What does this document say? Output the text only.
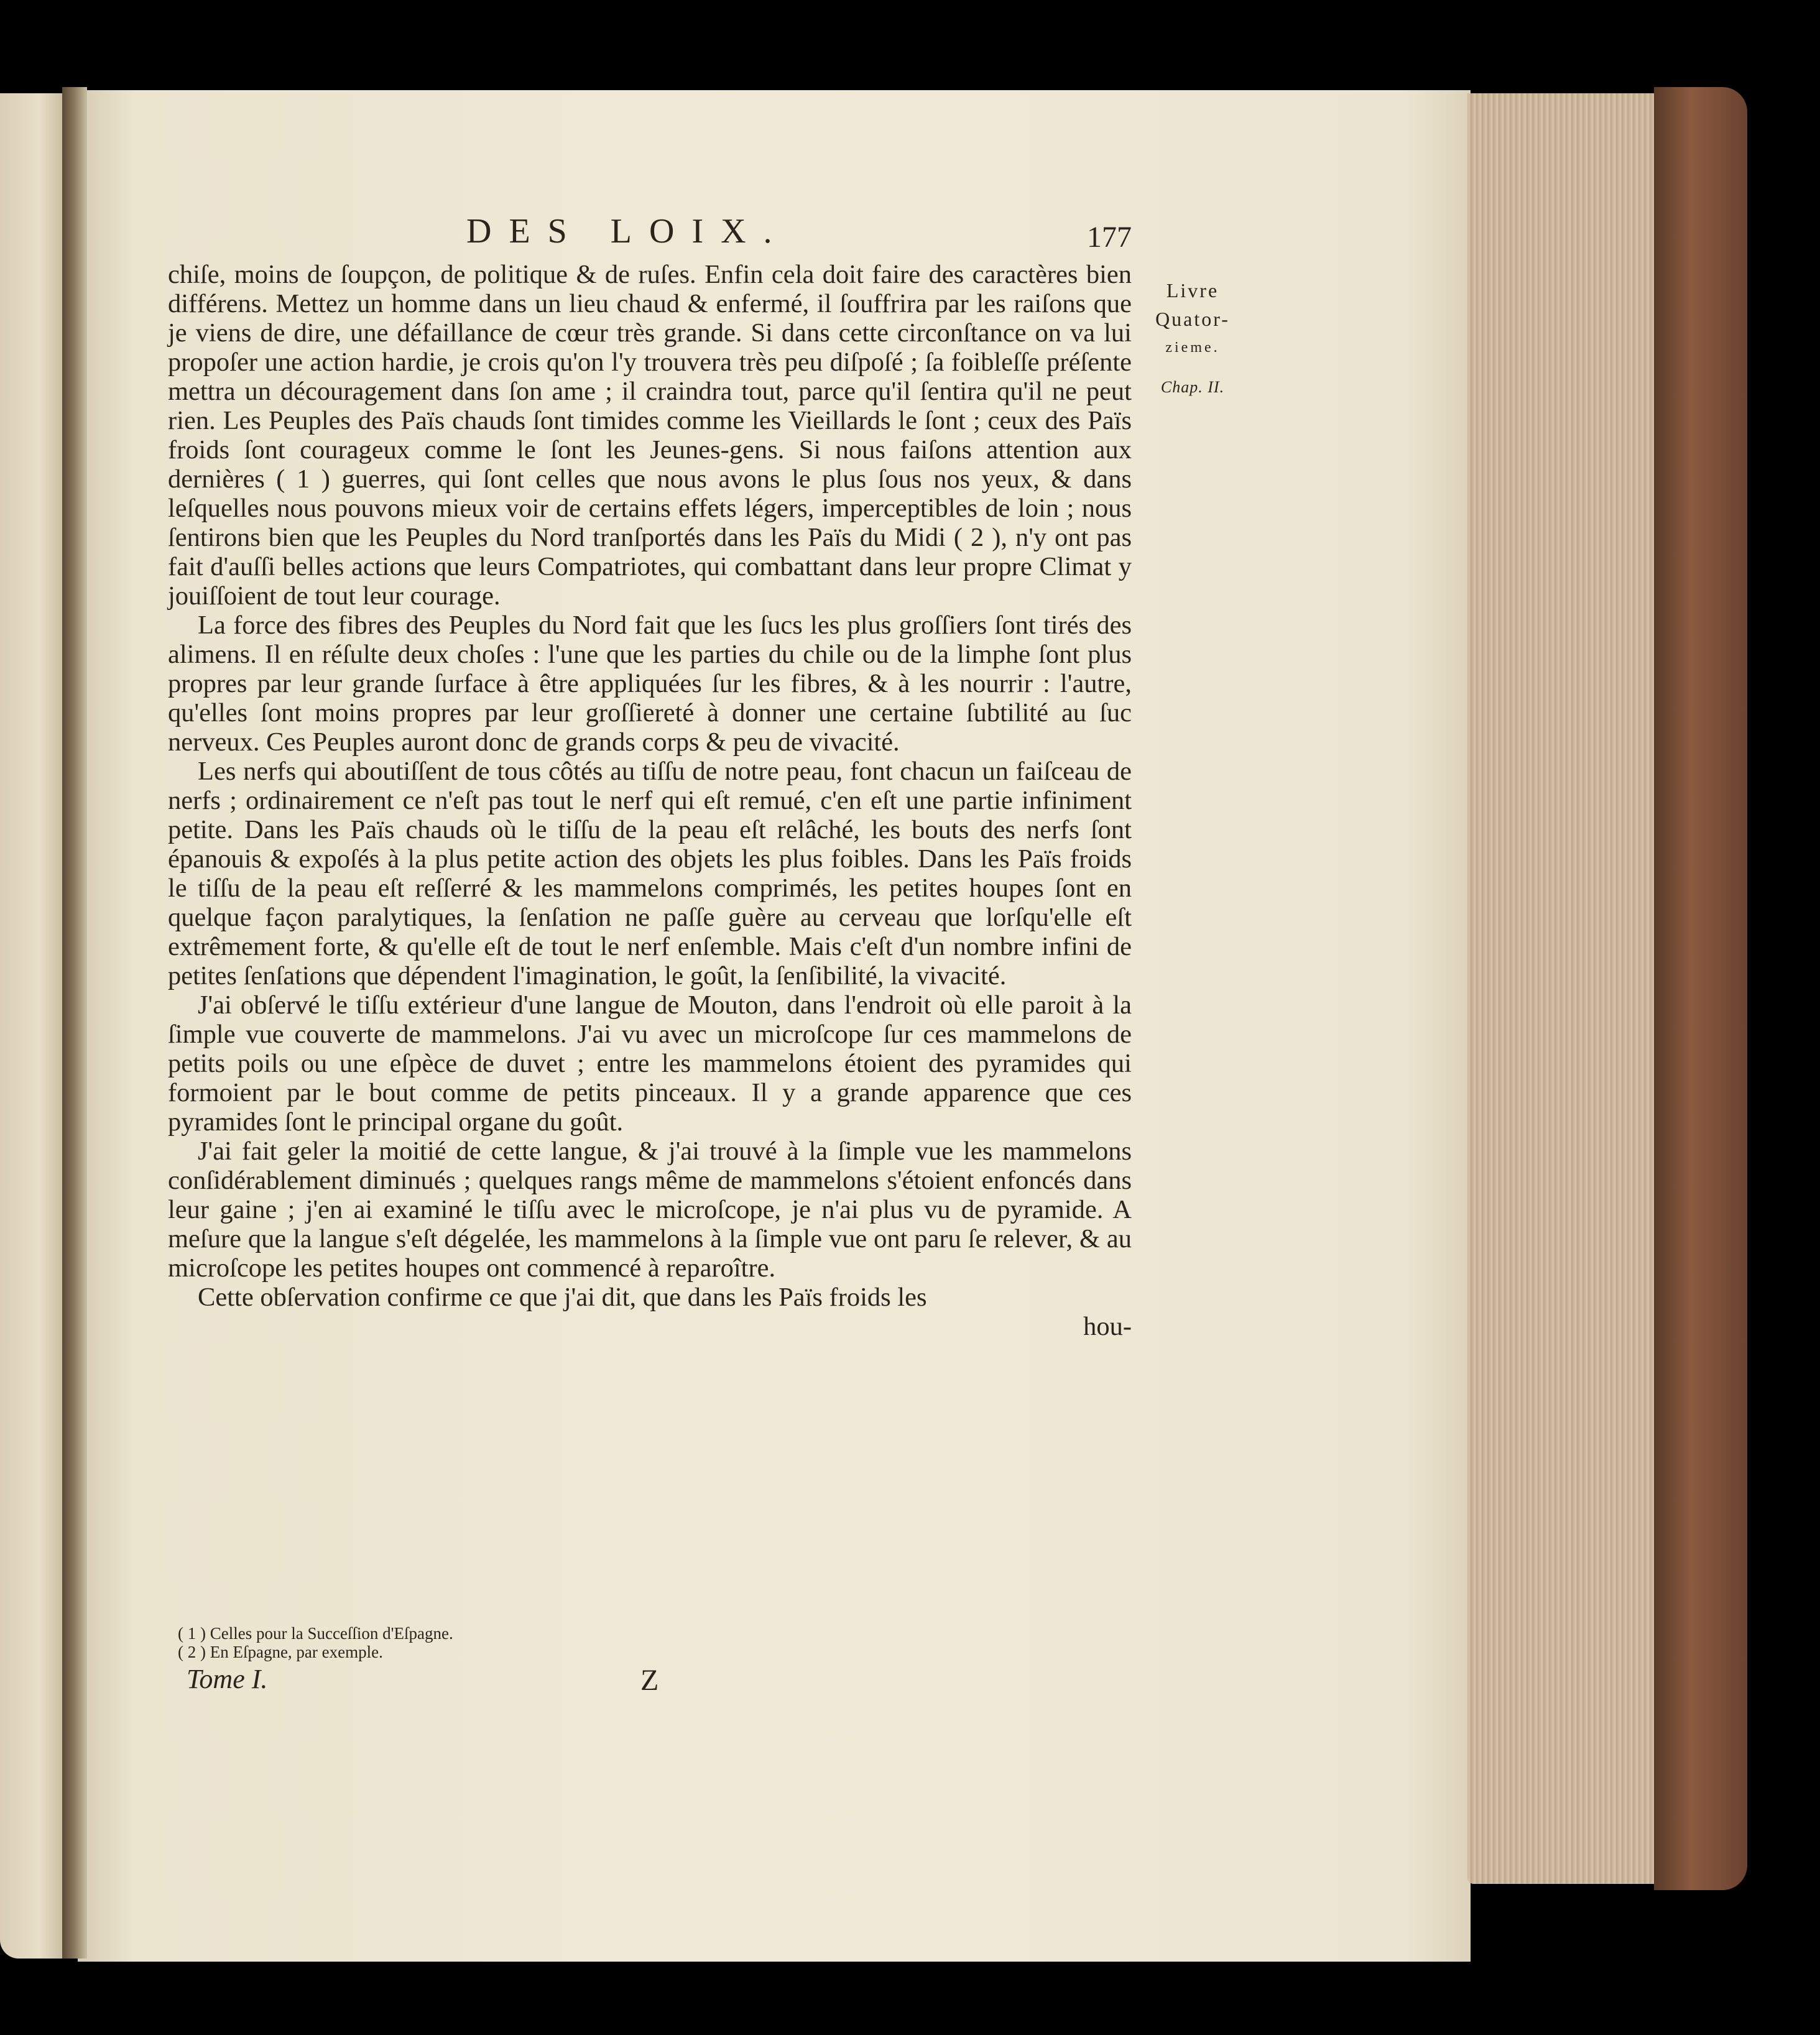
DES LOIX.	177
Livre
Quator-
zieme.
Chap. II.

chiſe, moins de ſoupçon, de politique & de ruſes. Enfin cela doit faire des caractères bien différens. Mettez un homme dans un lieu chaud & enfermé, il ſouffrira par les raiſons que je viens de dire, une défaillance de cœur très grande. Si dans cette circonſtance on va lui propoſer une action hardie, je crois qu'on l'y trouvera très peu diſpoſé ; ſa foibleſſe préſente mettra un découragement dans ſon ame ; il craindra tout, parce qu'il ſentira qu'il ne peut rien. Les Peuples des Païs chauds ſont timides comme les Vieillards le ſont ; ceux des Païs froids ſont courageux comme le ſont les Jeunes-gens. Si nous faiſons attention aux dernières ( 1 ) guerres, qui ſont celles que nous avons le plus ſous nos yeux, & dans leſquelles nous pouvons mieux voir de certains effets légers, imperceptibles de loin ; nous ſentirons bien que les Peuples du Nord tranſportés dans les Païs du Midi ( 2 ), n'y ont pas fait d'auſſi belles actions que leurs Compatriotes, qui combattant dans leur propre Climat y jouiſſoient de tout leur courage.

La force des fibres des Peuples du Nord fait que les ſucs les plus groſſiers ſont tirés des alimens. Il en réſulte deux choſes : l'une que les parties du chile ou de la limphe ſont plus propres par leur grande ſurface à être appliquées ſur les fibres, & à les nourrir : l'autre, qu'elles ſont moins propres par leur groſſiereté à donner une certaine ſubtilité au ſuc nerveux. Ces Peuples auront donc de grands corps & peu de vivacité.

Les nerfs qui aboutiſſent de tous côtés au tiſſu de notre peau, font chacun un faiſceau de nerfs ; ordinairement ce n'eſt pas tout le nerf qui eſt remué, c'en eſt une partie infiniment petite. Dans les Païs chauds où le tiſſu de la peau eſt relâché, les bouts des nerfs ſont épanouis & expoſés à la plus petite action des objets les plus foibles. Dans les Païs froids le tiſſu de la peau eſt reſſerré & les mammelons comprimés, les petites houpes ſont en quelque façon paralytiques, la ſenſation ne paſſe guère au cerveau que lorſqu'elle eſt extrêmement forte, & qu'elle eſt de tout le nerf enſemble. Mais c'eſt d'un nombre infini de petites ſenſations que dépendent l'imagination, le goût, la ſenſibilité, la vivacité.

J'ai obſervé le tiſſu extérieur d'une langue de Mouton, dans l'endroit où elle paroit à la ſimple vue couverte de mammelons. J'ai vu avec un microſcope ſur ces mammelons de petits poils ou une eſpèce de duvet ; entre les mammelons étoient des pyramides qui formoient par le bout comme de petits pinceaux. Il y a grande apparence que ces pyramides ſont le principal organe du goût.

J'ai fait geler la moitié de cette langue, & j'ai trouvé à la ſimple vue les mammelons conſidérablement diminués ; quelques rangs même de mammelons s'étoient enfoncés dans leur gaine ; j'en ai examiné le tiſſu avec le microſcope, je n'ai plus vu de pyramide. A meſure que la langue s'eſt dégelée, les mammelons à la ſimple vue ont paru ſe relever, & au microſcope les petites houpes ont commencé à reparoître.

Cette obſervation confirme ce que j'ai dit, que dans les Païs froids les

hou-

( 1 ) Celles pour la Succeſſion d'Eſpagne.
( 2 ) En Eſpagne, par exemple.
Tome I.	Z
